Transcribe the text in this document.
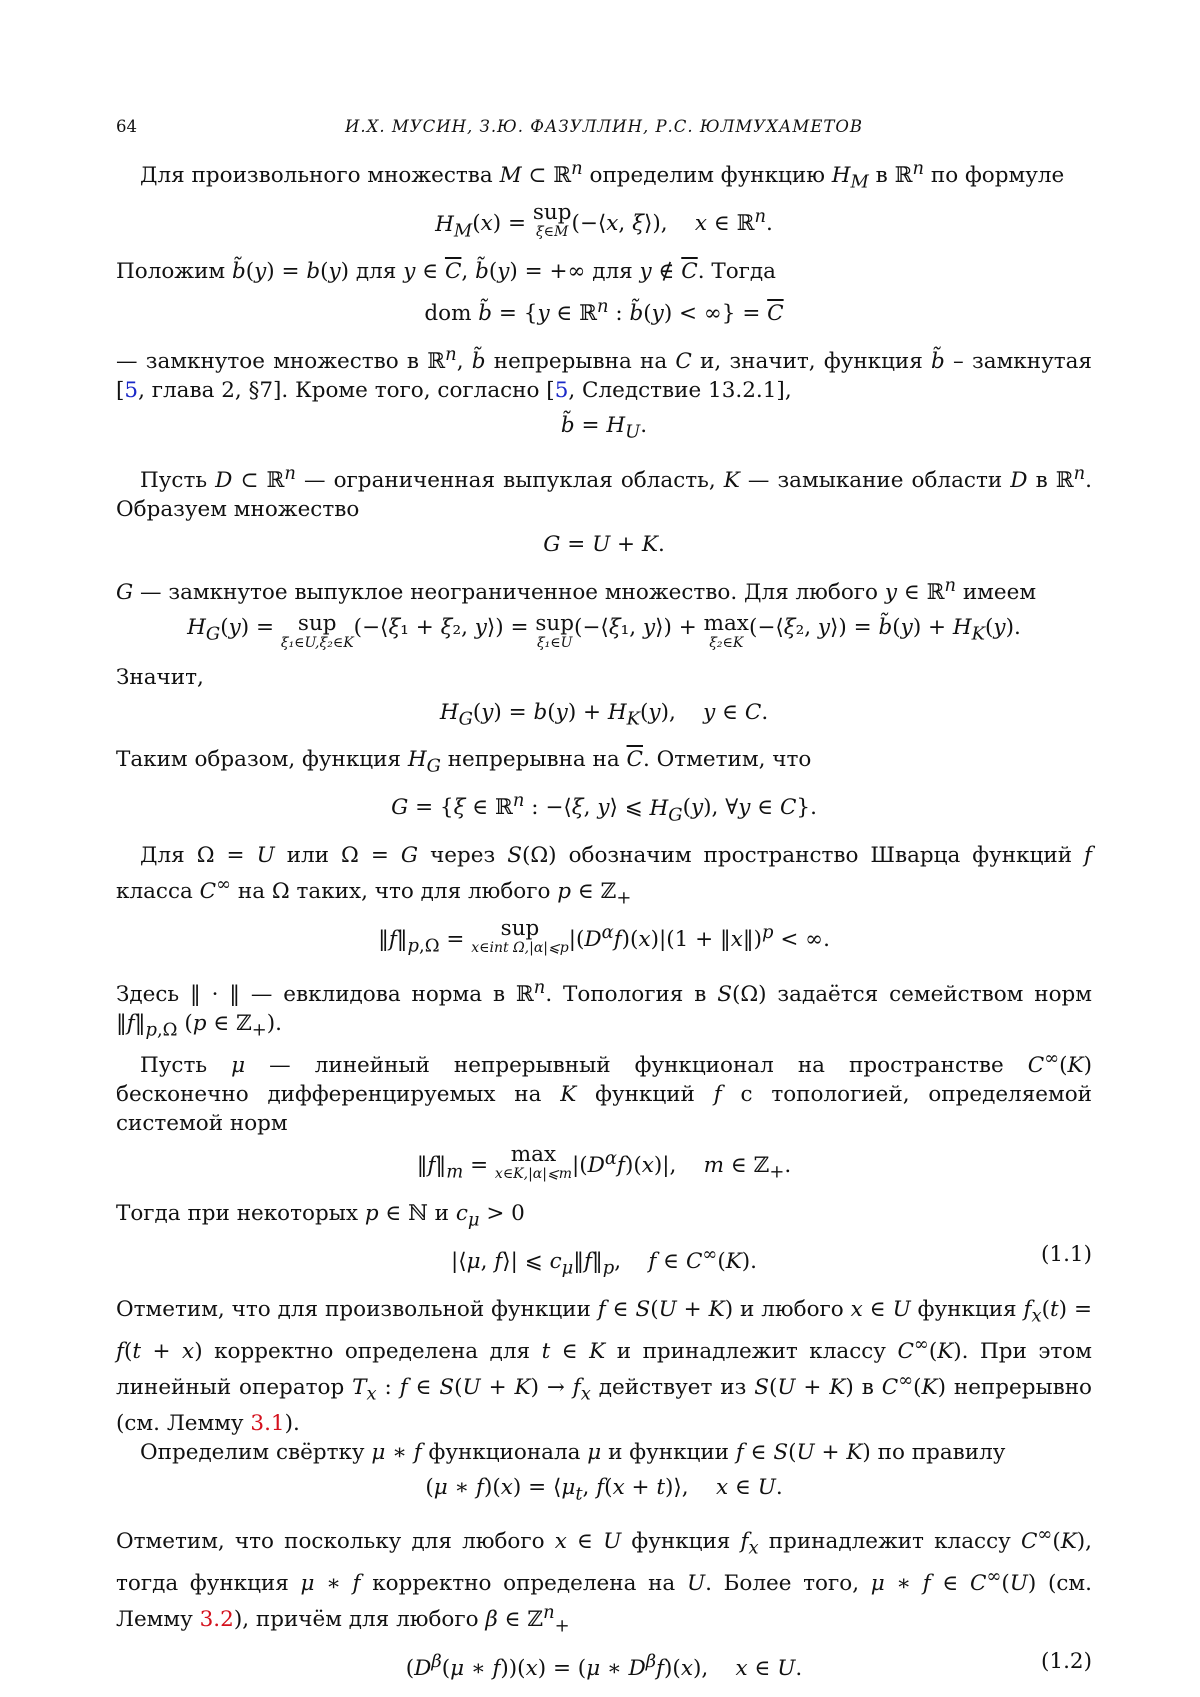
64	И.Х. МУСИН, З.Ю. ФАЗУЛЛИН, Р.С. ЮЛМУХАМЕТОВ

Для произвольного множества M ⊂ ℝ$^n$ определим функцию $H_M$ в ℝ$^n$ по формуле

$H_M(x)$ = sup
ξ∈M (−⟨x, ξ⟩),    x ∈ ℝ$^n$.

Положим b̃(y) = b(y) для y ∈ $\overline{C}$, b̃(y) = +∞ для y ∉ $\overline{C}$. Тогда

dom b̃ = {y ∈ ℝ$^n$ : b̃(y) < ∞} = $\overline{C}$

— замкнутое множество в ℝ$^n$, b̃ непрерывна на C и, значит, функция b̃ – замкнутая [5, глава 2, §7]. Кроме того, согласно [5, Следствие 13.2.1],

b̃ = $H_U$.

Пусть D ⊂ ℝ$^n$ — ограниченная выпуклая область, K — замыкание области D в ℝ$^n$. Образуем множество

G = U + K.

G — замкнутое выпуклое неограниченное множество. Для любого y ∈ ℝ$^n$ имеем

$H_G(y)$ = sup
ξ₁∈U,ξ₂∈K
(−⟨ξ₁ + ξ₂, y⟩) = sup
ξ₁∈U
(−⟨ξ₁, y⟩) + max
ξ₂∈K
(−⟨ξ₂, y⟩) = b̃(y) + $H_K(y)$.

Значит,

$H_G(y) = b(y) + H_K(y)$,    y ∈ C.

Таким образом, функция $H_G$ непрерывна на $\overline{C}$. Отметим, что

G = {ξ ∈ ℝ$^n$ : −⟨ξ, y⟩ ⩽ $H_G(y)$, ∀y ∈ C}.

Для Ω = U или Ω = G через S(Ω) обозначим пространство Шварца функций f класса C∞ на Ω таких, что для любого p ∈ ℤ$_+$

$‖f‖_{p,\Omega}$ = sup
x∈int Ω,|α|⩽p $|(D^\alpha f)(x)|(1$ + ‖x‖)$^p$ < ∞.

Здесь ‖ · ‖ — евклидова норма в ℝ$^n$. Топология в S(Ω) задаётся семейством норм $‖f‖_{p,\Omega}$ (p ∈ ℤ$_+$).

Пусть μ — линейный непрерывный функционал на пространстве C∞(K) бесконечно дифференцируемых на K функций f с топологией, определяемой системой норм

$‖f‖_m = \max$
x∈K,|α|⩽m $|(D^\alpha f)(x)|$,    m ∈ ℤ$_+$.

Тогда при некоторых p ∈ ℕ и $c_\mu > 0$

|⟨μ, f⟩| ⩽ $c_\mu‖f‖_p$,    f ∈ C∞(K).	(1.1)

Отметим, что для произвольной функции f ∈ S(U + K) и любого x ∈ U функция $f_x(t) = f(t + x)$ корректно определена для t ∈ K и принадлежит классу C∞(K). При этом линейный оператор $T_x$ : f ∈ $S(U + K) \to f_x$ действует из S(U + K) в C∞(K) непрерывно (см. Лемму 3.1).

Определим свёртку μ ∗ f функционала μ и функции f ∈ S(U + K) по правилу

(μ ∗ $f)(x) = ⟨\mu_t$, f(x + t)⟩,    x ∈ U.

Отметим, что поскольку для любого x ∈ U функция $f_x$ принадлежит классу C∞(K), тогда функция μ ∗ f корректно определена на U. Более того, μ ∗ f ∈ C∞(U) (см. Лемму 3.2), причём для любого β ∈ ℤ$^n_+$

($D^\beta(\mu$ ∗ f))(x) = (μ ∗ $D^\beta f)(x)$,    x ∈ U.	(1.2)
